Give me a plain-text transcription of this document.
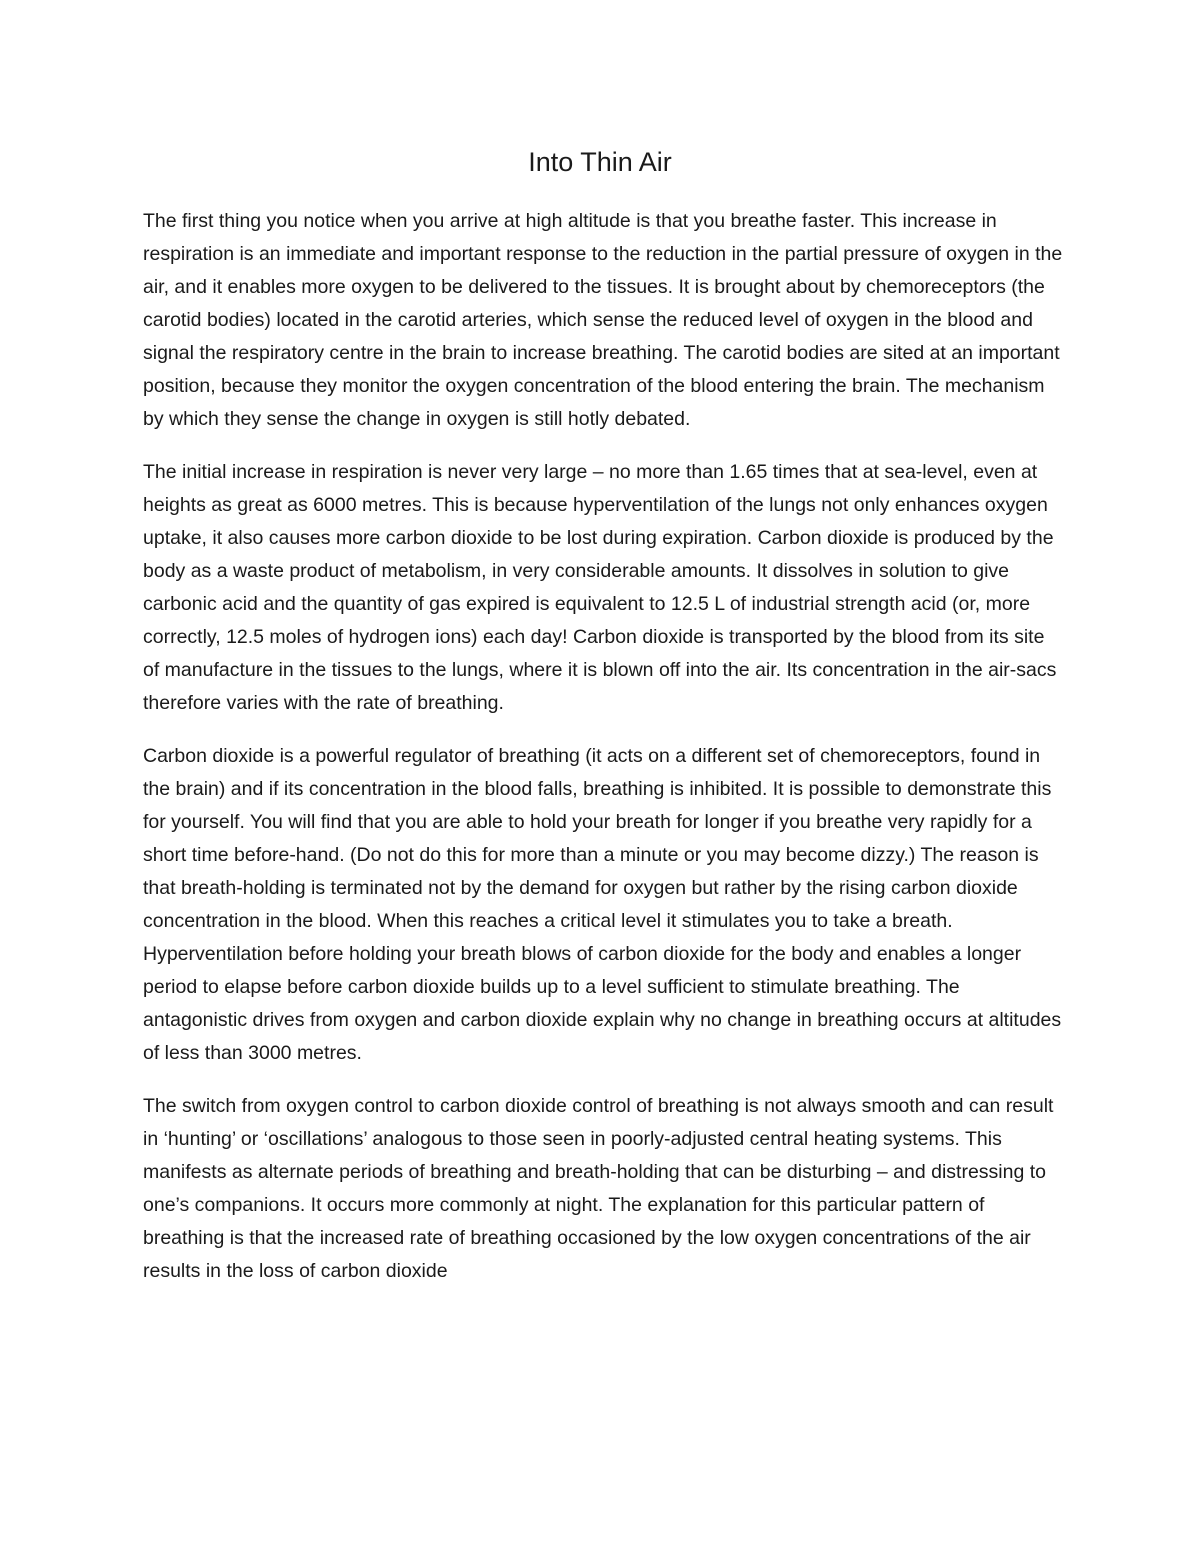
Into Thin Air

The first thing you notice when you arrive at high altitude is that you breathe faster. This increase in respiration is an immediate and important response to the reduction in the partial pressure of oxygen in the air, and it enables more oxygen to be delivered to the tissues. It is brought about by chemoreceptors (the carotid bodies) located in the carotid arteries, which sense the reduced level of oxygen in the blood and signal the respiratory centre in the brain to increase breathing. The carotid bodies are sited at an important position, because they monitor the oxygen concentration of the blood entering the brain. The mechanism by which they sense the change in oxygen is still hotly debated.

The initial increase in respiration is never very large – no more than 1.65 times that at sea-level, even at heights as great as 6000 metres. This is because hyperventilation of the lungs not only enhances oxygen uptake, it also causes more carbon dioxide to be lost during expiration. Carbon dioxide is produced by the body as a waste product of metabolism, in very considerable amounts. It dissolves in solution to give carbonic acid and the quantity of gas expired is equivalent to 12.5 L of industrial strength acid (or, more correctly, 12.5 moles of hydrogen ions) each day! Carbon dioxide is transported by the blood from its site of manufacture in the tissues to the lungs, where it is blown off into the air. Its concentration in the air-sacs therefore varies with the rate of breathing.

Carbon dioxide is a powerful regulator of breathing (it acts on a different set of chemoreceptors, found in the brain) and if its concentration in the blood falls, breathing is inhibited. It is possible to demonstrate this for yourself. You will find that you are able to hold your breath for longer if you breathe very rapidly for a short time before-hand. (Do not do this for more than a minute or you may become dizzy.) The reason is that breath-holding is terminated not by the demand for oxygen but rather by the rising carbon dioxide concentration in the blood. When this reaches a critical level it stimulates you to take a breath. Hyperventilation before holding your breath blows of carbon dioxide for the body and enables a longer period to elapse before carbon dioxide builds up to a level sufficient to stimulate breathing. The antagonistic drives from oxygen and carbon dioxide explain why no change in breathing occurs at altitudes of less than 3000 metres.

The switch from oxygen control to carbon dioxide control of breathing is not always smooth and can result in ‘hunting’ or ‘oscillations’ analogous to those seen in poorly-adjusted central heating systems. This manifests as alternate periods of breathing and breath-holding that can be disturbing – and distressing to one’s companions. It occurs more commonly at night. The explanation for this particular pattern of breathing is that the increased rate of breathing occasioned by the low oxygen concentrations of the air results in the loss of carbon dioxide
